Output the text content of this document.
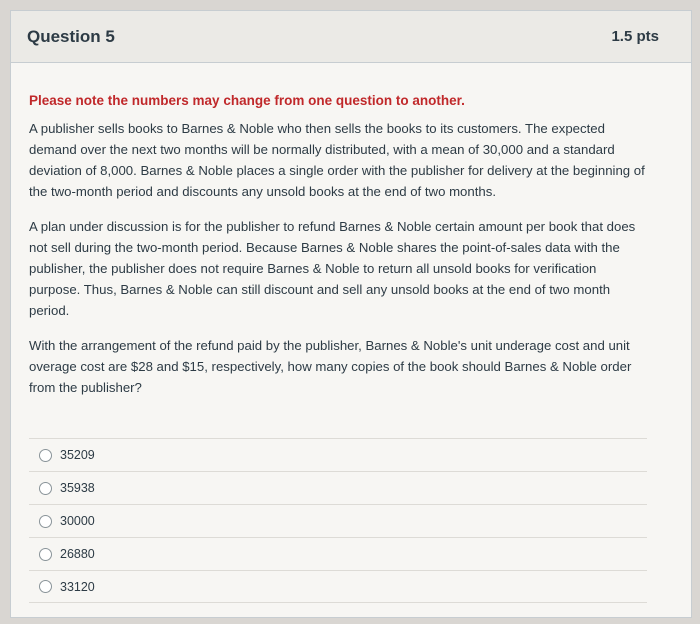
Question 5	1.5 pts

Please note the numbers may change from one question to another.

A publisher sells books to Barnes & Noble who then sells the books to its customers. The expected demand over the next two months will be normally distributed, with a mean of 30,000 and a standard deviation of 8,000. Barnes & Noble places a single order with the publisher for delivery at the beginning of the two-month period and discounts any unsold books at the end of two months.

A plan under discussion is for the publisher to refund Barnes & Noble certain amount per book that does not sell during the two-month period. Because Barnes & Noble shares the point-of-sales data with the publisher, the publisher does not require Barnes & Noble to return all unsold books for verification purpose. Thus, Barnes & Noble can still discount and sell any unsold books at the end of two month period.

With the arrangement of the refund paid by the publisher, Barnes & Noble's unit underage cost and unit overage cost are $28 and $15, respectively, how many copies of the book should Barnes & Noble order from the publisher?

35209
35938
30000
26880
33120
